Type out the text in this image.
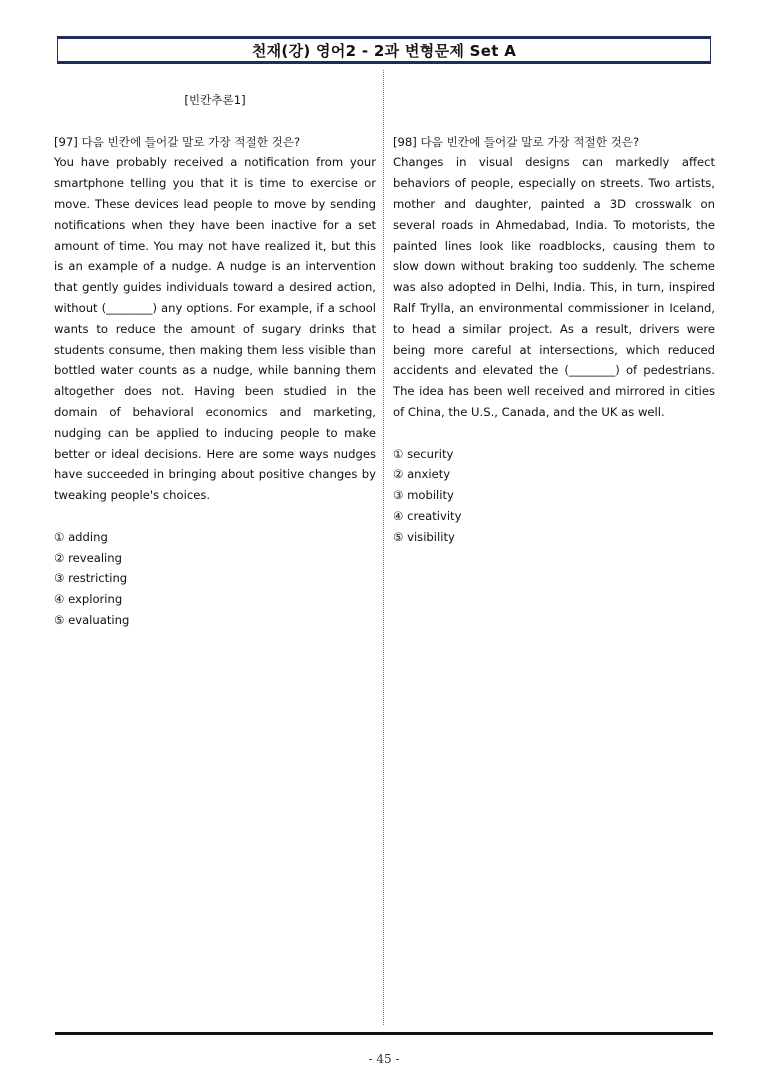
천재(강) 영어2 - 2과 변형문제 Set A

[빈칸추론1]

[97] 다음 빈칸에 들어갈 말로 가장 적절한 것은?

You have probably received a notification from your smartphone telling you that it is time to exercise or move. These devices lead people to move by sending notifications when they have been inactive for a set amount of time. You may not have realized it, but this is an example of a nudge. A nudge is an intervention that gently guides individuals toward a desired action, without (________) any options. For example, if a school wants to reduce the amount of sugary drinks that students consume, then making them less visible than bottled water counts as a nudge, while banning them altogether does not. Having been studied in the domain of behavioral economics and marketing, nudging can be applied to inducing people to make better or ideal decisions. Here are some ways nudges have succeeded in bringing about positive changes by tweaking people's choices.

① adding
② revealing
③ restricting
④ exploring
⑤ evaluating

[98] 다음 빈칸에 들어갈 말로 가장 적절한 것은?

Changes in visual designs can markedly affect behaviors of people, especially on streets. Two artists, mother and daughter, painted a 3D crosswalk on several roads in Ahmedabad, India. To motorists, the painted lines look like roadblocks, causing them to slow down without braking too suddenly. The scheme was also adopted in Delhi, India. This, in turn, inspired Ralf Trylla, an environmental commissioner in Iceland, to head a similar project. As a result, drivers were being more careful at intersections, which reduced accidents and elevated the (________) of pedestrians. The idea has been well received and mirrored in cities of China, the U.S., Canada, and the UK as well.

① security
② anxiety
③ mobility
④ creativity
⑤ visibility
- 45 -
